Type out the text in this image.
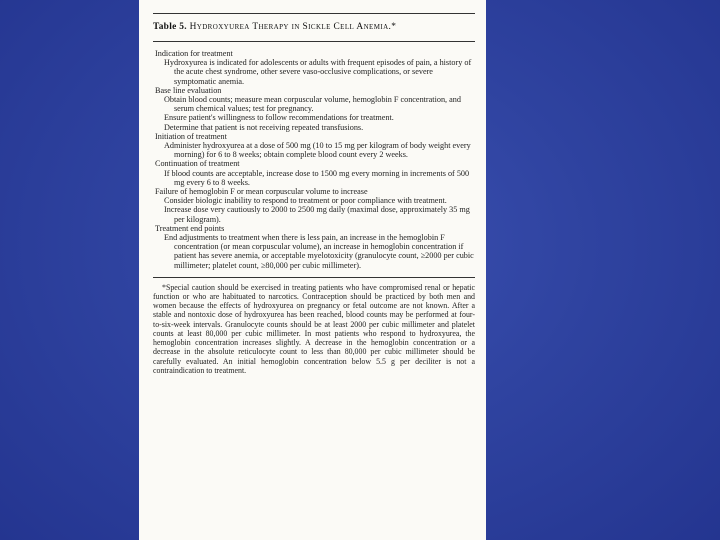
Table 5. Hydroxyurea Therapy in Sickle Cell Anemia.*

Indication for treatment

Hydroxyurea is indicated for adolescents or adults with frequent episodes of pain, a history of the acute chest syndrome, other severe vaso-occlusive complications, or severe symptomatic anemia.

Base line evaluation

Obtain blood counts; measure mean corpuscular volume, hemoglobin F concentration, and serum chemical values; test for pregnancy.

Ensure patient's willingness to follow recommendations for treatment.

Determine that patient is not receiving repeated transfusions.

Initiation of treatment

Administer hydroxyurea at a dose of 500 mg (10 to 15 mg per kilogram of body weight every morning) for 6 to 8 weeks; obtain complete blood count every 2 weeks.

Continuation of treatment

If blood counts are acceptable, increase dose to 1500 mg every morning in increments of 500 mg every 6 to 8 weeks.

Failure of hemoglobin F or mean corpuscular volume to increase

Consider biologic inability to respond to treatment or poor compliance with treatment.

Increase dose very cautiously to 2000 to 2500 mg daily (maximal dose, approximately 35 mg per kilogram).

Treatment end points

End adjustments to treatment when there is less pain, an increase in the hemoglobin F concentration (or mean corpuscular volume), an increase in hemoglobin concentration if patient has severe anemia, or acceptable myelotoxicity (granulocyte count, ≥2000 per cubic millimeter; platelet count, ≥80,000 per cubic millimeter).

*Special caution should be exercised in treating patients who have compromised renal or hepatic function or who are habituated to narcotics. Contraception should be practiced by both men and women because the effects of hydroxyurea on pregnancy or fetal outcome are not known. After a stable and nontoxic dose of hydroxyurea has been reached, blood counts may be performed at four-to-six-week intervals. Granulocyte counts should be at least 2000 per cubic millimeter and platelet counts at least 80,000 per cubic millimeter. In most patients who respond to hydroxyurea, the hemoglobin concentration increases slightly. A decrease in the hemoglobin concentration or a decrease in the absolute reticulocyte count to less than 80,000 per cubic millimeter should be carefully evaluated. An initial hemoglobin concentration below 5.5 g per deciliter is not a contraindication to treatment.
